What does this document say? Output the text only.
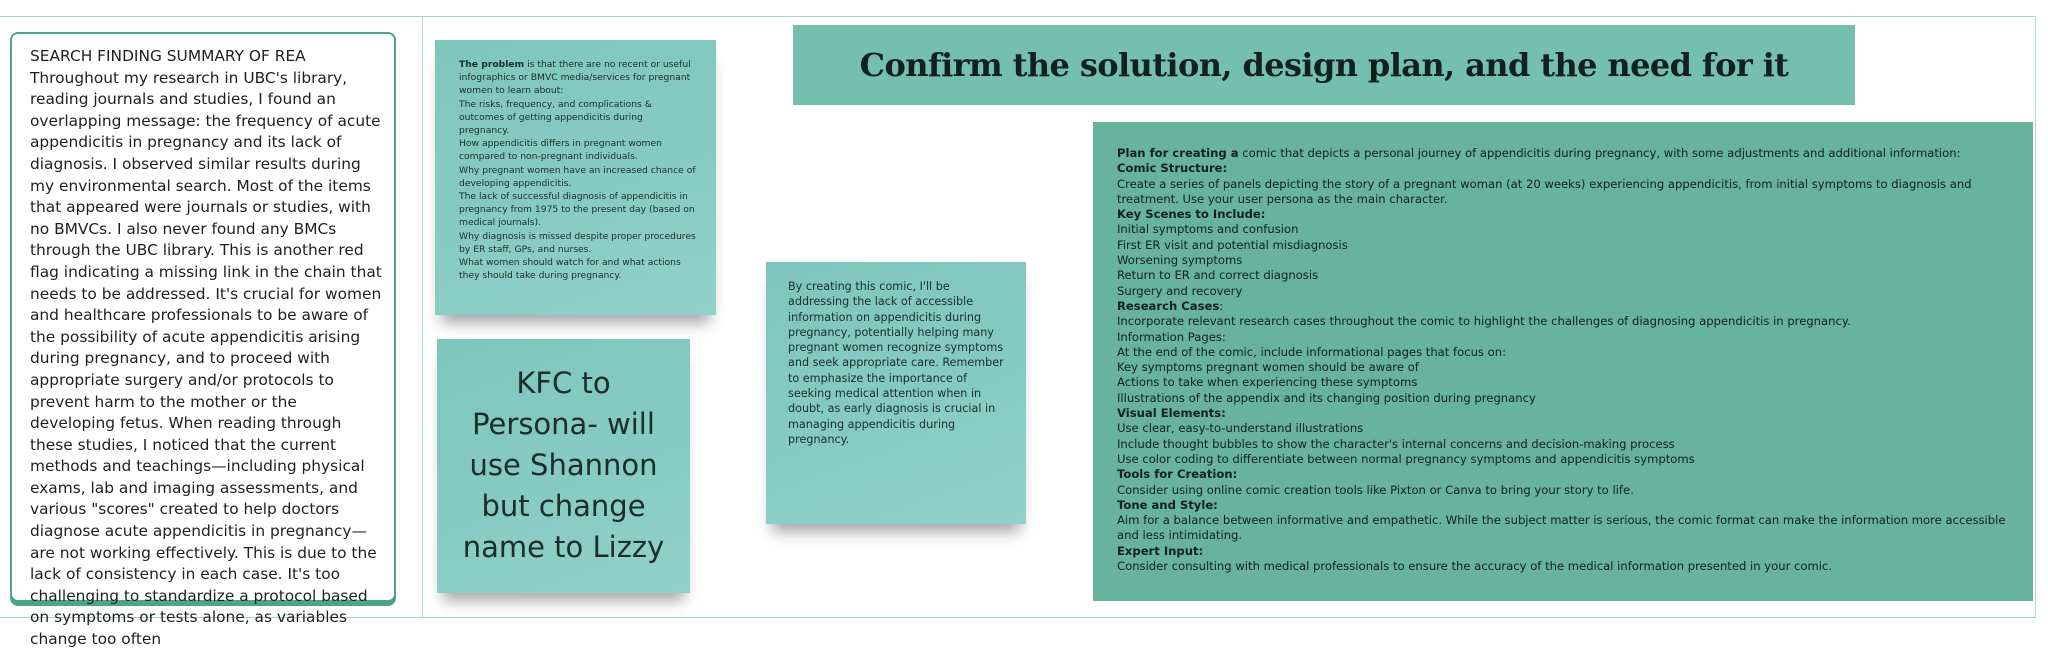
SEARCH FINDING SUMMARY OF REA Throughout my research in UBC's library, reading journals and studies, I found an overlapping message: the frequency of acute appendicitis in pregnancy and its lack of diagnosis. I observed similar results during my environmental search. Most of the items that appeared were journals or studies, with no BMVCs. I also never found any BMCs through the UBC library. This is another red flag indicating a missing link in the chain that needs to be addressed. It's crucial for women and healthcare professionals to be aware of the possibility of acute appendicitis arising during pregnancy, and to proceed with appropriate surgery and/or protocols to prevent harm to the mother or the developing fetus. When reading through these studies, I noticed that the current methods and teachings—including physical exams, lab and imaging assessments, and various "scores" created to help doctors diagnose acute appendicitis in pregnancy—are not working effectively. This is due to the lack of consistency in each case. It's too challenging to standardize a protocol based on symptoms or tests alone, as variables change too often

The problem is that there are no recent or useful infographics or BMVC media/services for pregnant women to learn about:
The risks, frequency, and complications & outcomes of getting appendicitis during pregnancy.
How appendicitis differs in pregnant women compared to non-pregnant individuals.
Why pregnant women have an increased chance of developing appendicitis.
The lack of successful diagnosis of appendicitis in pregnancy from 1975 to the present day (based on medical journals).
Why diagnosis is missed despite proper procedures by ER staff, GPs, and nurses.
What women should watch for and what actions they should take during pregnancy.
KFC to Persona- will use Shannon but change name to Lizzy
By creating this comic, I'll be addressing the lack of accessible information on appendicitis during pregnancy, potentially helping many pregnant women recognize symptoms and seek appropriate care. Remember to emphasize the importance of seeking medical attention when in doubt, as early diagnosis is crucial in managing appendicitis during pregnancy.
Confirm the solution, design plan, and the need for it
Plan for creating a comic that depicts a personal journey of appendicitis during pregnancy, with some adjustments and additional information:
Comic Structure:
Create a series of panels depicting the story of a pregnant woman (at 20 weeks) experiencing appendicitis, from initial symptoms to diagnosis and treatment. Use your user persona as the main character.
Key Scenes to Include:
Initial symptoms and confusion
First ER visit and potential misdiagnosis
Worsening symptoms
Return to ER and correct diagnosis
Surgery and recovery
Research Cases:
Incorporate relevant research cases throughout the comic to highlight the challenges of diagnosing appendicitis in pregnancy.
Information Pages:
At the end of the comic, include informational pages that focus on:
Key symptoms pregnant women should be aware of
Actions to take when experiencing these symptoms
Illustrations of the appendix and its changing position during pregnancy
Visual Elements:
Use clear, easy-to-understand illustrations
Include thought bubbles to show the character's internal concerns and decision-making process
Use color coding to differentiate between normal pregnancy symptoms and appendicitis symptoms
Tools for Creation:
Consider using online comic creation tools like Pixton or Canva to bring your story to life.
Tone and Style:
Aim for a balance between informative and empathetic. While the subject matter is serious, the comic format can make the information more accessible and less intimidating.
Expert Input:
Consider consulting with medical professionals to ensure the accuracy of the medical information presented in your comic.
